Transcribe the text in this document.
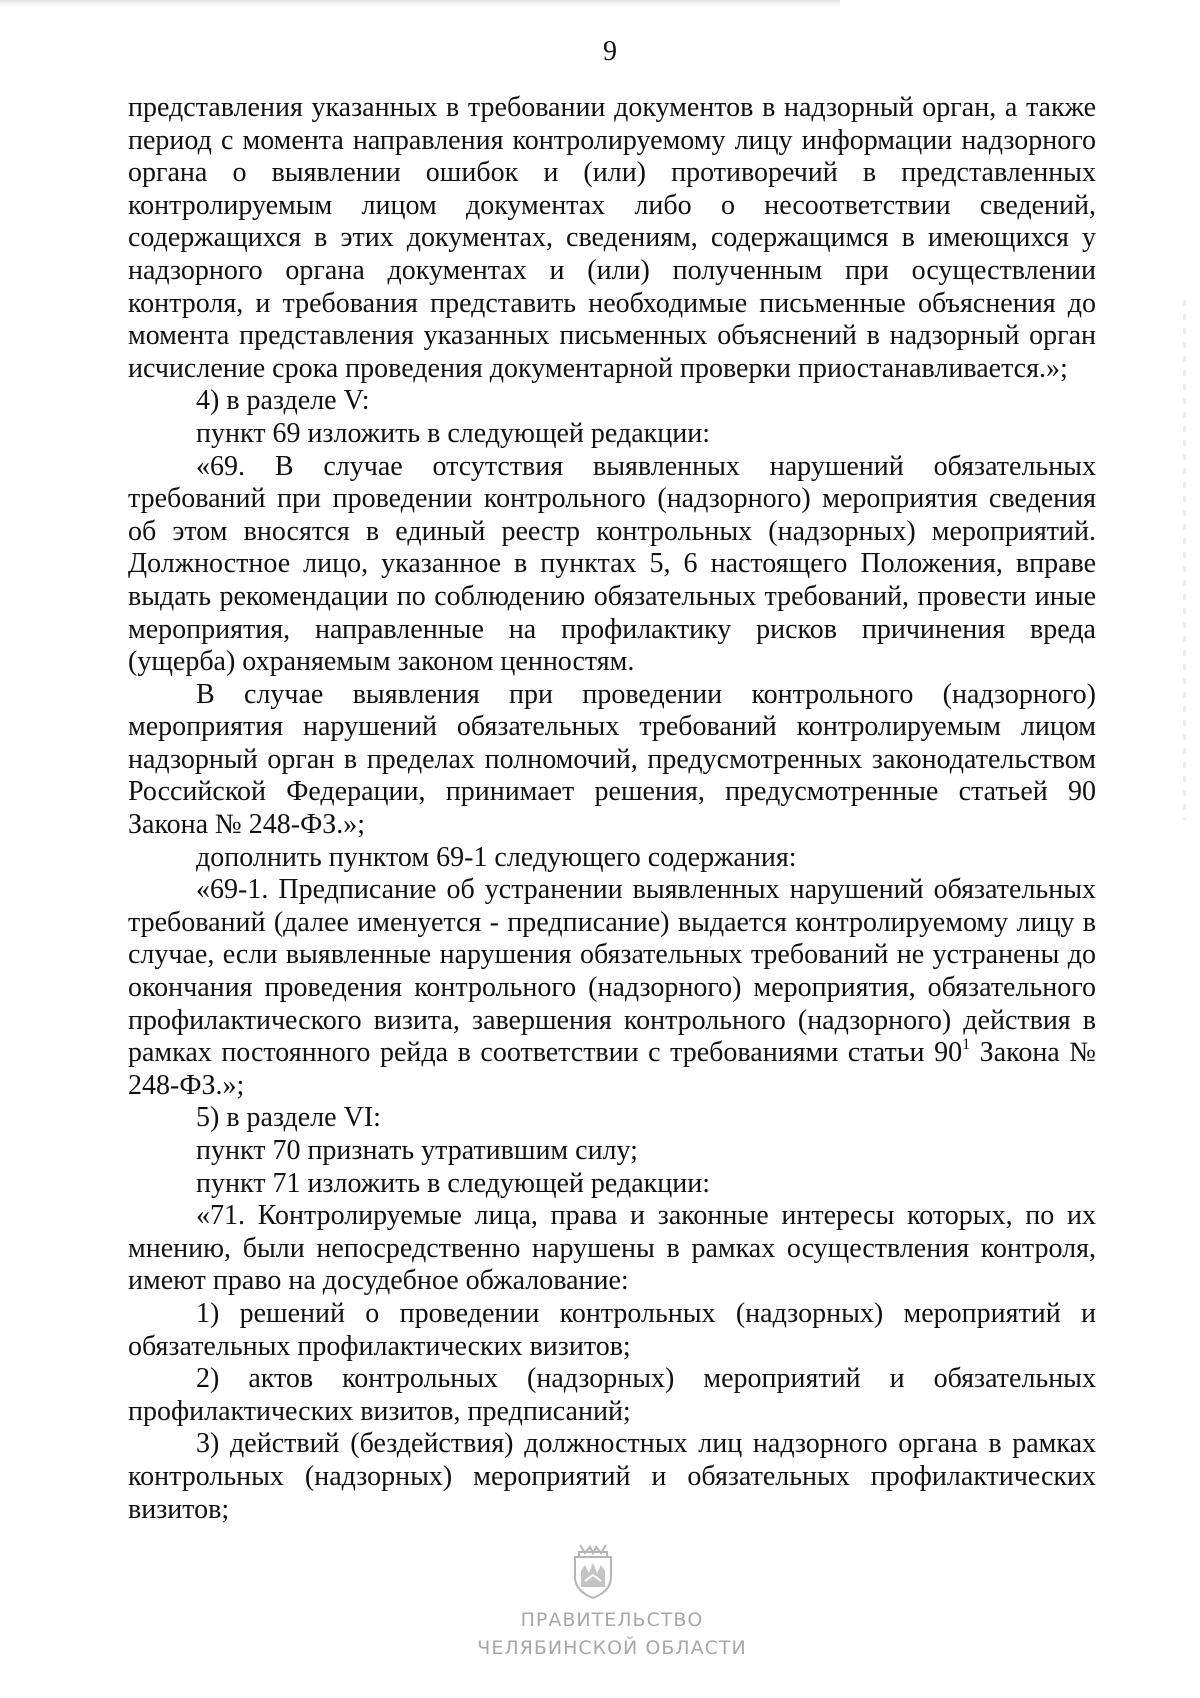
9

представления указанных в требовании документов в надзорный орган, а также период с момента направления контролируемому лицу информации надзорного органа о выявлении ошибок и (или) противоречий в представленных контролируемым лицом документах либо о несоответствии сведений, содержащихся в этих документах, сведениям, содержащимся в имеющихся у надзорного органа документах и (или) полученным при осуществлении контроля, и требования представить необходимые письменные объяснения до момента представления указанных письменных объяснений в надзорный орган исчисление срока проведения документарной проверки приостанавливается.»;

4) в разделе V:

пункт 69 изложить в следующей редакции:

«69. В случае отсутствия выявленных нарушений обязательных требований при проведении контрольного (надзорного) мероприятия сведения об этом вносятся в единый реестр контрольных (надзорных) мероприятий. Должностное лицо, указанное в пунктах 5, 6 настоящего Положения, вправе выдать рекомендации по соблюдению обязательных требований, провести иные мероприятия, направленные на профилактику рисков причинения вреда (ущерба) охраняемым законом ценностям.

В случае выявления при проведении контрольного (надзорного) мероприятия нарушений обязательных требований контролируемым лицом надзорный орган в пределах полномочий, предусмотренных законодательством Российской Федерации, принимает решения, предусмотренные статьей 90 Закона № 248-ФЗ.»;

дополнить пунктом 69-1 следующего содержания:

«69-1. Предписание об устранении выявленных нарушений обязательных требований (далее именуется - предписание) выдается контролируемому лицу в случае, если выявленные нарушения обязательных требований не устранены до окончания проведения контрольного (надзорного) мероприятия, обязательного профилактического визита, завершения контрольного (надзорного) действия в рамках постоянного рейда в соответствии с требованиями статьи $90^1$ Закона № 248-ФЗ.»;

5) в разделе VI:

пункт 70 признать утратившим силу;

пункт 71 изложить в следующей редакции:

«71. Контролируемые лица, права и законные интересы которых, по их мнению, были непосредственно нарушены в рамках осуществления контроля, имеют право на досудебное обжалование:

1) решений о проведении контрольных (надзорных) мероприятий и обязательных профилактических визитов;

2) актов контрольных (надзорных) мероприятий и обязательных профилактических визитов, предписаний;

3) действий (бездействия) должностных лиц надзорного органа в рамках контрольных (надзорных) мероприятий и обязательных профилактических визитов;

ПРАВИТЕЛЬСТВО
ЧЕЛЯБИНСКОЙ ОБЛАСТИ
